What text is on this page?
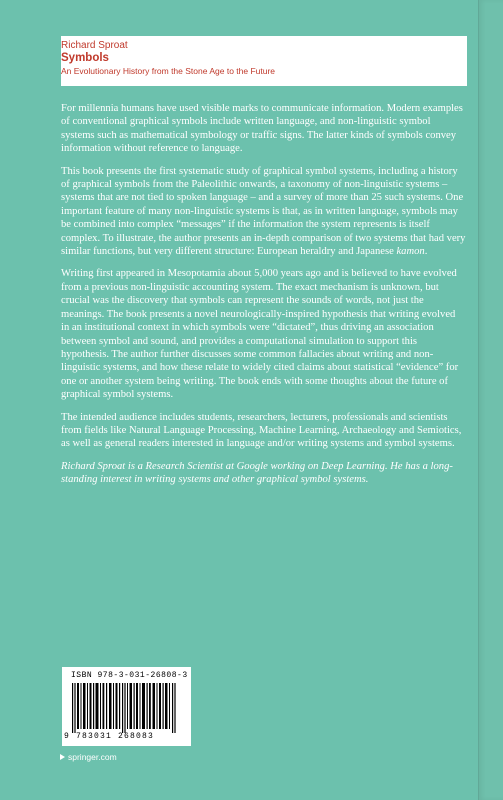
Richard Sproat
Symbols
An Evolutionary History from the Stone Age to the Future

For millennia humans have used visible marks to communicate information. Modern examples of conventional graphical symbols include written language, and non-linguistic symbol systems such as mathematical symbology or traffic signs. The latter kinds of symbols convey information without reference to language.

This book presents the first systematic study of graphical symbol systems, including a history of graphical symbols from the Paleolithic onwards, a taxonomy of non-linguistic systems – systems that are not tied to spoken language – and a survey of more than 25 such systems. One important feature of many non-linguistic systems is that, as in written language, symbols may be combined into complex “messages” if the information the system represents is itself complex. To illustrate, the author presents an in-depth comparison of two systems that had very similar functions, but very different structure: European heraldry and Japanese kamon.

Writing first appeared in Mesopotamia about 5,000 years ago and is believed to have evolved from a previous non-linguistic accounting system. The exact mechanism is unknown, but crucial was the discovery that symbols can represent the sounds of words, not just the meanings. The book presents a novel neurologically-inspired hypothesis that writing evolved in an institutional context in which symbols were “dictated”, thus driving an association between symbol and sound, and provides a computational simulation to support this hypothesis. The author further discusses some common fallacies about writing and non-linguistic systems, and how these relate to widely cited claims about statistical “evidence” for one or another system being writing. The book ends with some thoughts about the future of graphical symbol systems.

The intended audience includes students, researchers, lecturers, professionals and scientists from fields like Natural Language Processing, Machine Learning, Archaeology and Semiotics, as well as general readers interested in language and/or writing systems and symbol systems.

Richard Sproat is a Research Scientist at Google working on Deep Learning. He has a long-standing interest in writing systems and other graphical symbol systems.

ISBN 978-3-031-26808-3
9 783031 268083
springer.com
